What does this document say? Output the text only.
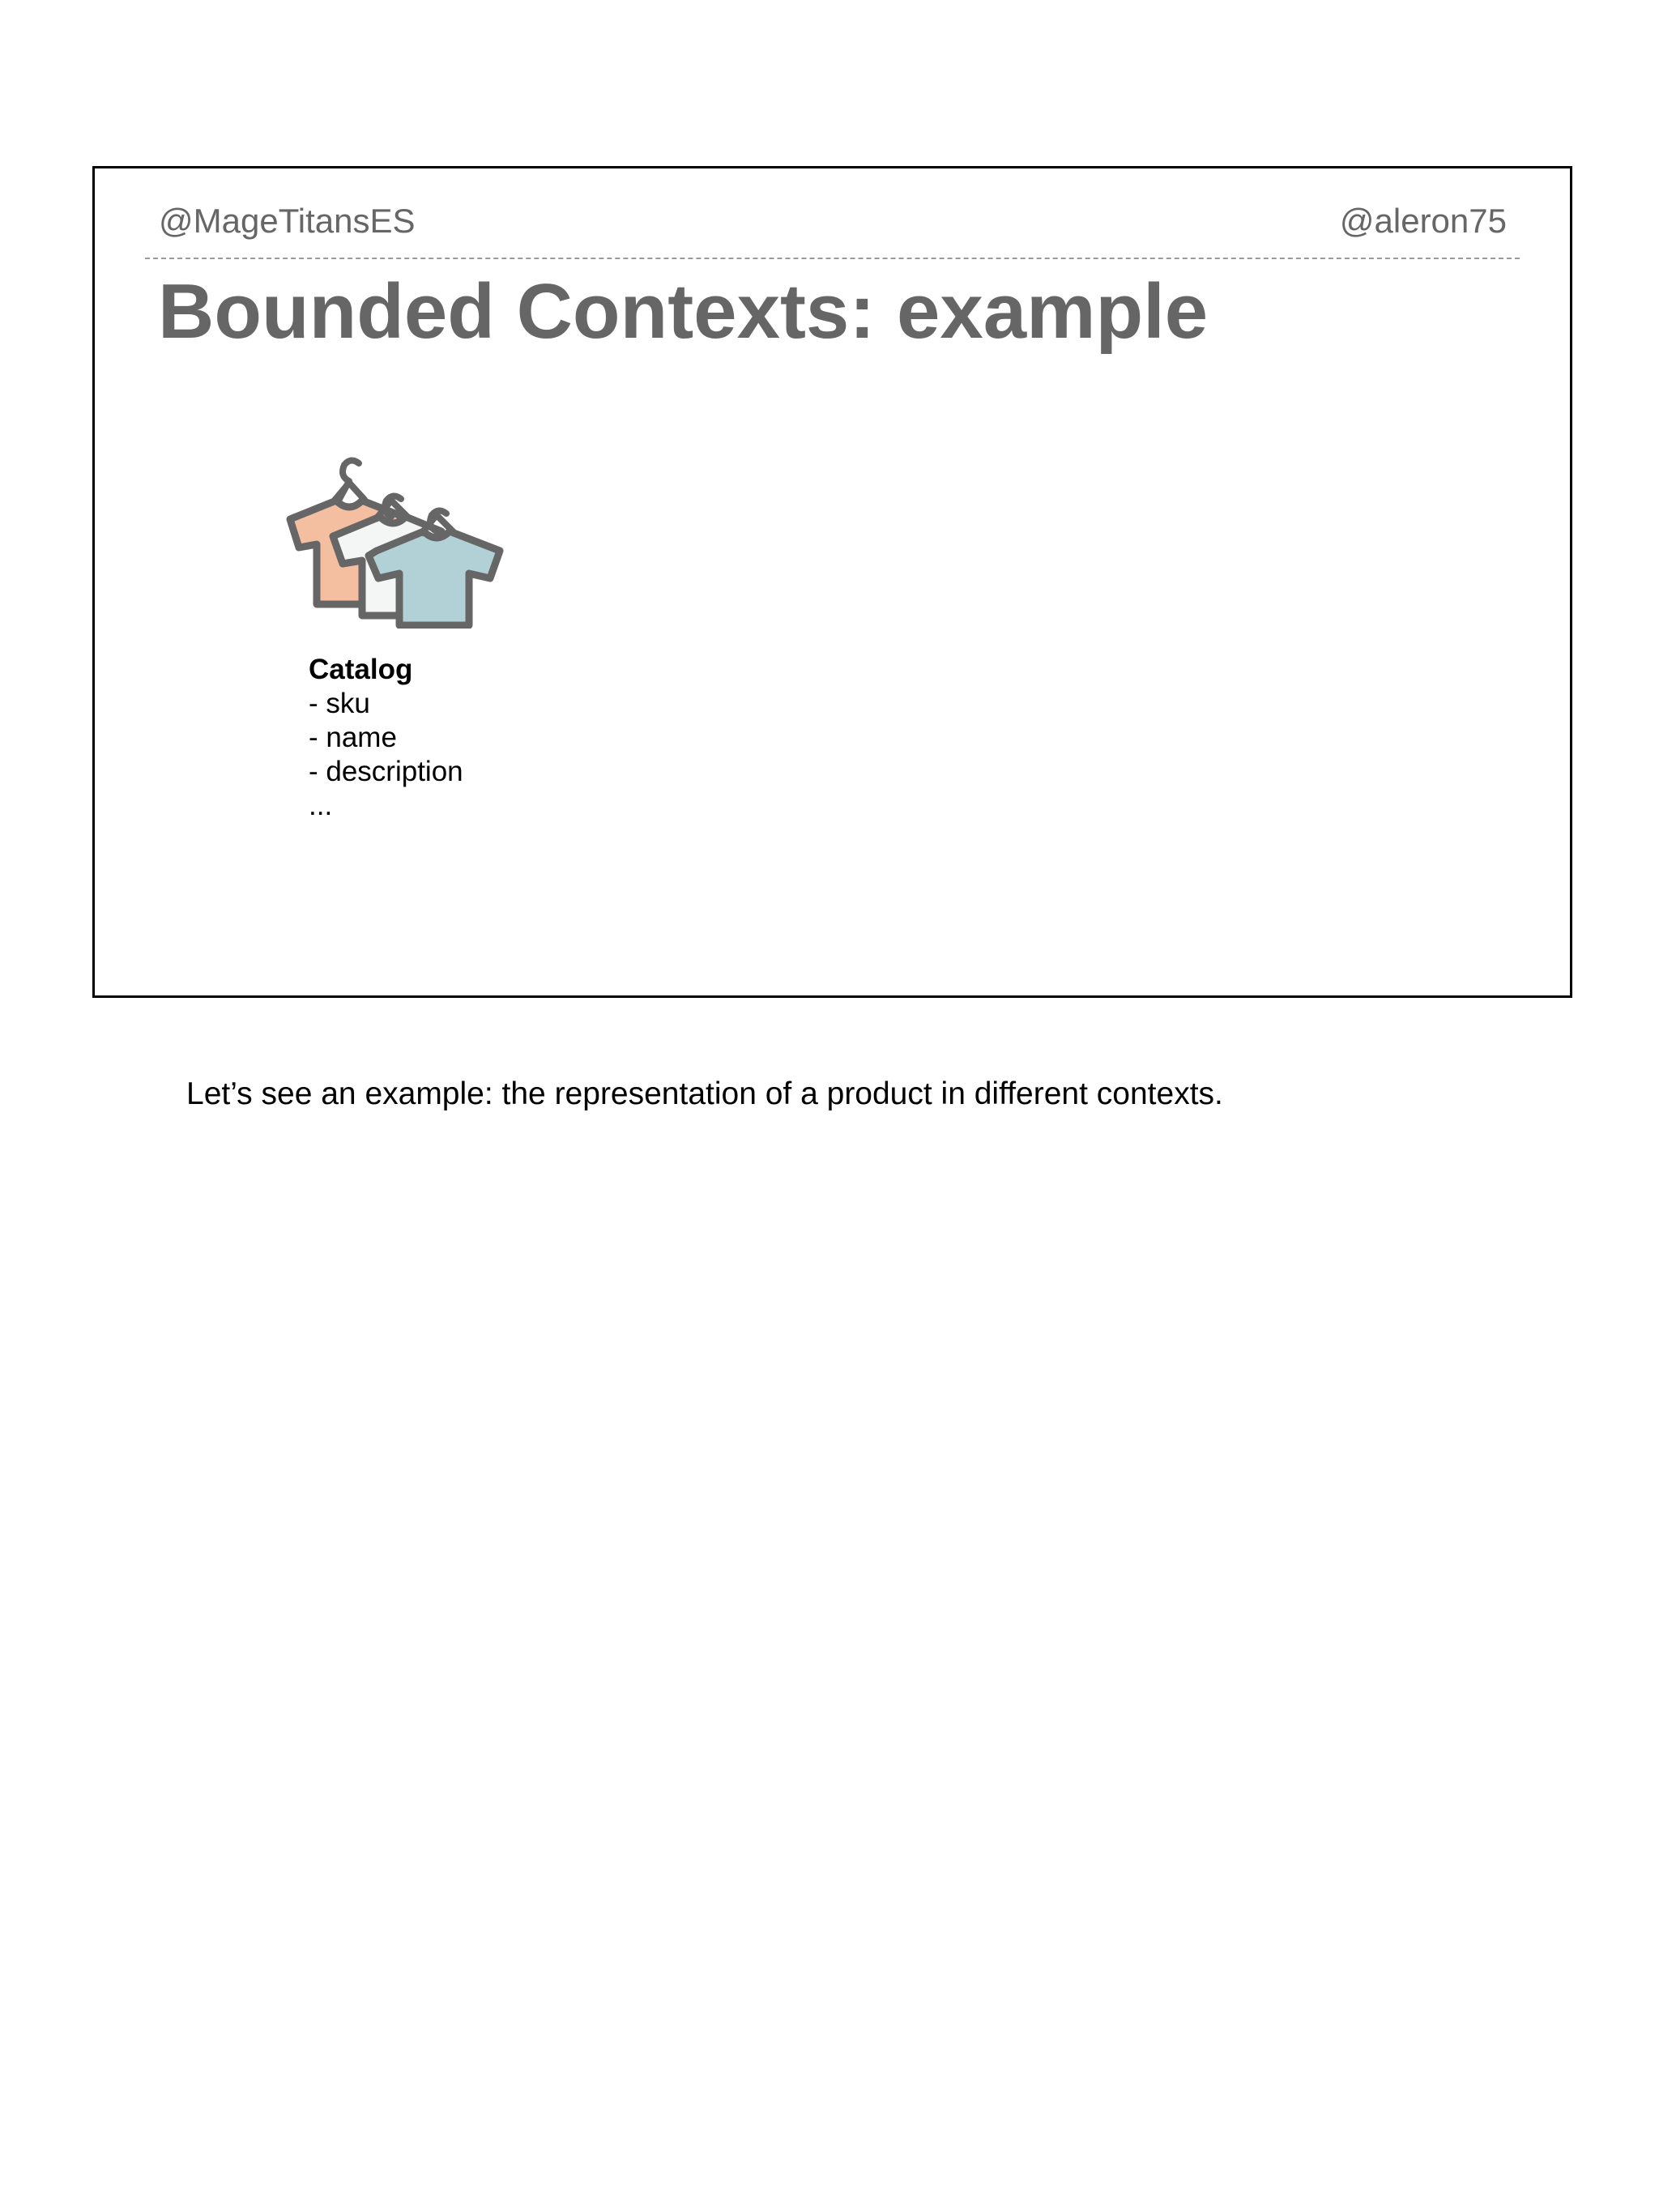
@MageTitansES	@aleron75
Bounded Contexts: example
Catalog
- sku
- name
- description
...

Let’s see an example: the representation of a product in different contexts.
